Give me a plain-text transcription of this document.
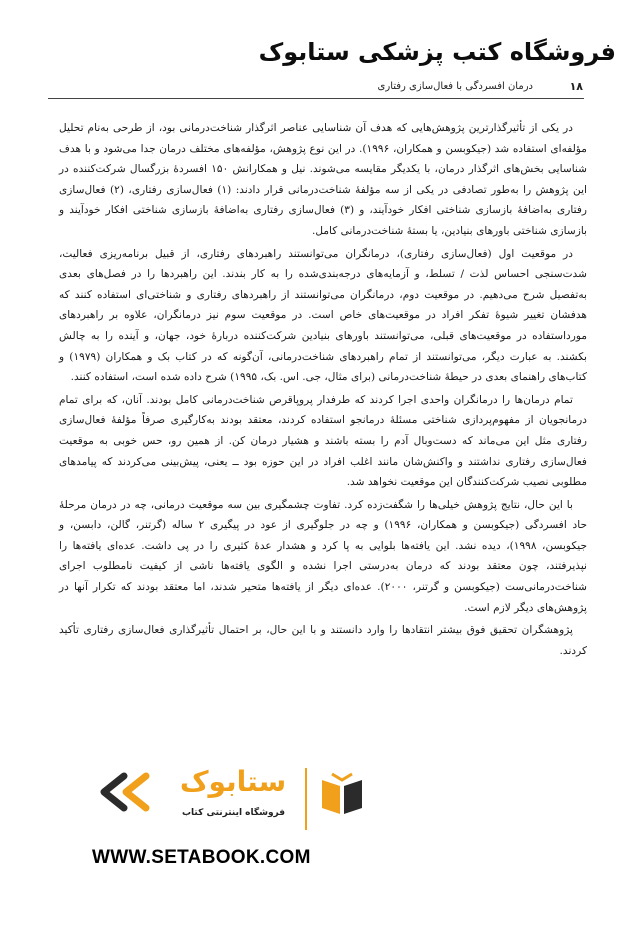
فروشگاه کتب پزشکی ستابوک
۱۸
درمان افسردگی با فعال‌سازی رفتاری

در یکی از تأثیرگذارترین پژوهش‌هایی که هدف آن شناسایی عناصر اثرگذار شناخت‌درمانی بود، از طرحی به‌نام تحلیل مؤلفه‌ای استفاده شد (جیکوبسن و همکاران، ۱۹۹۶). در این نوع پژوهش، مؤلفه‌های مختلف درمان جدا می‌شود و با هدف شناسایی بخش‌های اثرگذار درمان، با یکدیگر مقایسه می‌شوند. نیل و همکارانش ۱۵۰ افسردهٔ بزرگسال شرکت‌کننده در این پژوهش را به‌طور تصادفی در یکی از سه مؤلفهٔ شناخت‌درمانی قرار دادند: (۱) فعال‌سازی رفتاری، (۲) فعال‌سازی رفتاری به‌اضافهٔ بازسازی شناختی افکار خودآیند، و (۳) فعال‌سازی رفتاری به‌اضافهٔ بازسازی شناختی افکار خودآیند و بازسازی شناختی باورهای بنیادین، یا بستهٔ شناخت‌درمانی کامل.

در موقعیت اول (فعال‌سازی رفتاری)، درمانگران می‌توانستند راهبردهای رفتاری، از قبیل برنامه‌ریزی فعالیت، شدت‌سنجی احساس لذت / تسلط، و آزمایه‌های درجه‌بندی‌شده را به کار بندند. این راهبردها را در فصل‌های بعدی به‌تفصیل شرح می‌دهیم. در موقعیت دوم، درمانگران می‌توانستند از راهبردهای رفتاری و شناختی‌ای استفاده کنند که هدفشان تغییر شیوهٔ تفکر افراد در موقعیت‌های خاص است. در موقعیت سوم نیز درمانگران، علاوه بر راهبردهای مورداستفاده در موقعیت‌های قبلی، می‌توانستند باورهای بنیادین شرکت‌کننده دربارهٔ خود، جهان، و آینده را به چالش بکشند. به عبارت دیگر، می‌توانستند از تمام راهبردهای شناخت‌درمانی، آن‌گونه که در کتاب بک و همکاران (۱۹۷۹) و کتاب‌های راهنمای بعدی در حیطهٔ شناخت‌درمانی (برای مثال، جی. اس. بک، ۱۹۹۵) شرح داده شده است، استفاده کنند.

تمام درمان‌ها را درمانگران واحدی اجرا کردند که طرفدار پروپاقرص شناخت‌درمانی کامل بودند. آنان، که برای تمام درمانجویان از مفهوم‌پردازی شناختی مسئلهٔ درمانجو استفاده کردند، معتقد بودند به‌کارگیری صرفاً مؤلفهٔ فعال‌سازی رفتاری مثل این می‌ماند که دست‌وبال آدم را بسته باشند و هشیار درمان کن. از همین رو، حس خوبی به موقعیت فعال‌سازی رفتاری نداشتند و واکنش‌شان مانند اغلب افراد در این حوزه بود ــ یعنی، پیش‌بینی می‌کردند که پیامدهای مطلوبی نصیب شرکت‌کنندگان این موقعیت نخواهد شد.

با این حال، نتایج پژوهش خیلی‌ها را شگفت‌زده کرد. تفاوت چشمگیری بین سه موقعیت درمانی، چه در درمان مرحلهٔ حاد افسردگی (جیکوبسن و همکاران، ۱۹۹۶) و چه در جلوگیری از عود در پیگیری ۲ ساله (گرتنر، گالن، دابسن، و جیکوبسن، ۱۹۹۸)، دیده نشد. این یافته‌ها بلوایی به پا کرد و هشدار عدهٔ کثیری را در پی داشت. عده‌ای یافته‌ها را نپذیرفتند، چون معتقد بودند که درمان به‌درستی اجرا نشده و الگوی یافته‌ها ناشی از کیفیت نامطلوب اجرای شناخت‌درمانی‌ست (جیکوبسن و گرتنر، ۲۰۰۰). عده‌ای دیگر از یافته‌ها متحیر شدند، اما معتقد بودند که تکرار آنها در پژوهش‌های دیگر لازم است.

پژوهشگران تحقیق فوق بیشتر انتقادها را وارد دانستند و با این حال، بر احتمال تأثیرگذاری فعال‌سازی رفتاری تأکید کردند.

ستابوک
فروشگاه اینترنتی کتاب
WWW.SETABOOK.COM
